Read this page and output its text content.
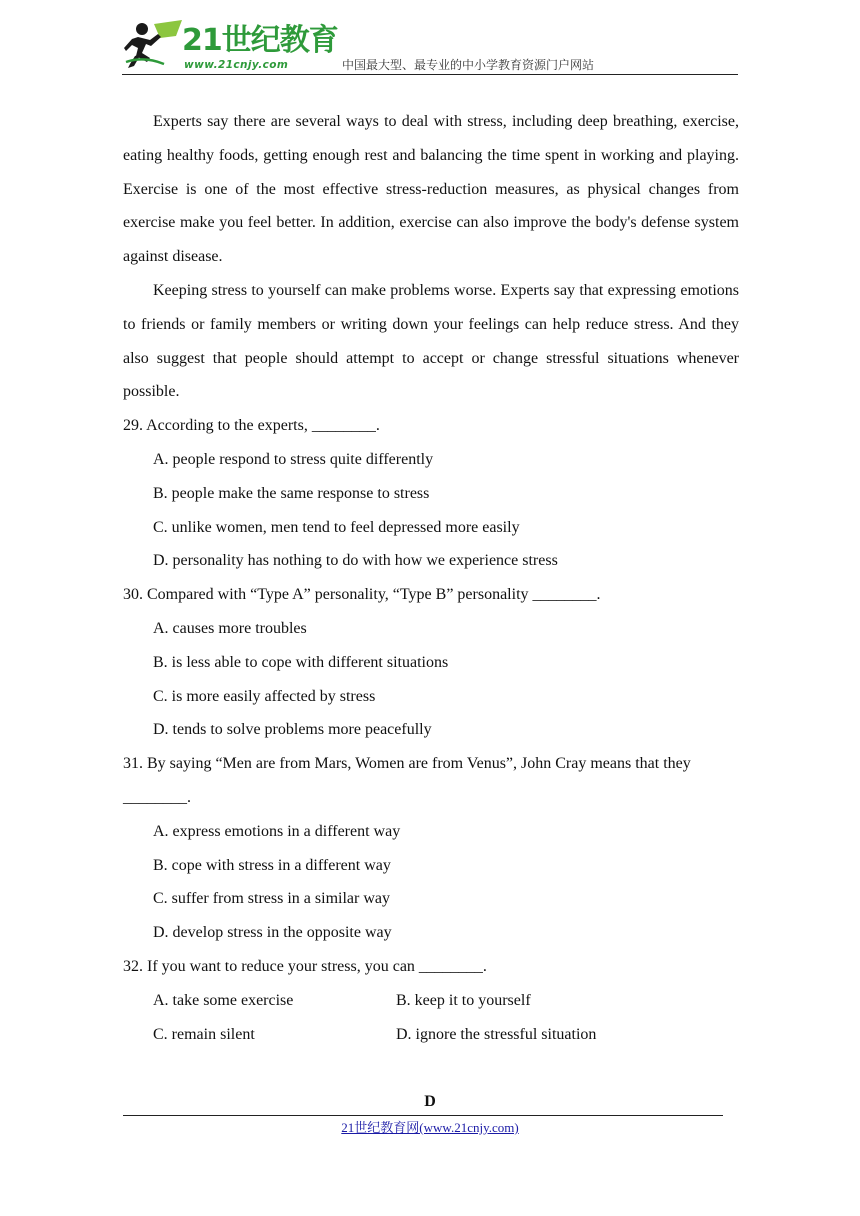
21世纪教育
www.21cnjy.com	中国最大型、最专业的中小学教育资源门户网站

Experts say there are several ways to deal with stress, including deep breathing, exercise, eating healthy foods, getting enough rest and balancing the time spent in working and playing. Exercise is one of the most effective stress-reduction measures, as physical changes from exercise make you feel better. In addition, exercise can also improve the body's defense system against disease.

Keeping stress to yourself can make problems worse. Experts say that expressing emotions to friends or family members or writing down your feelings can help reduce stress. And they also suggest that people should attempt to accept or change stressful situations whenever possible.

29. According to the experts, ________.

A. people respond to stress quite differently

B. people make the same response to stress

C. unlike women, men tend to feel depressed more easily

D. personality has nothing to do with how we experience stress

30. Compared with “Type A” personality, “Type B” personality ________.

A. causes more troubles

B. is less able to cope with different situations

C. is more easily affected by stress

D. tends to solve problems more peacefully

31. By saying “Men are from Mars, Women are from Venus”, John Cray means that they ________.

A. express emotions in a different way

B. cope with stress in a different way

C. suffer from stress in a similar way

D. develop stress in the opposite way

32. If you want to reduce your stress, you can ________.

A. take some exercise	B. keep it to yourself
C. remain silent	D. ignore the stressful situation
D
21世纪教育网(www.21cnjy.com)
